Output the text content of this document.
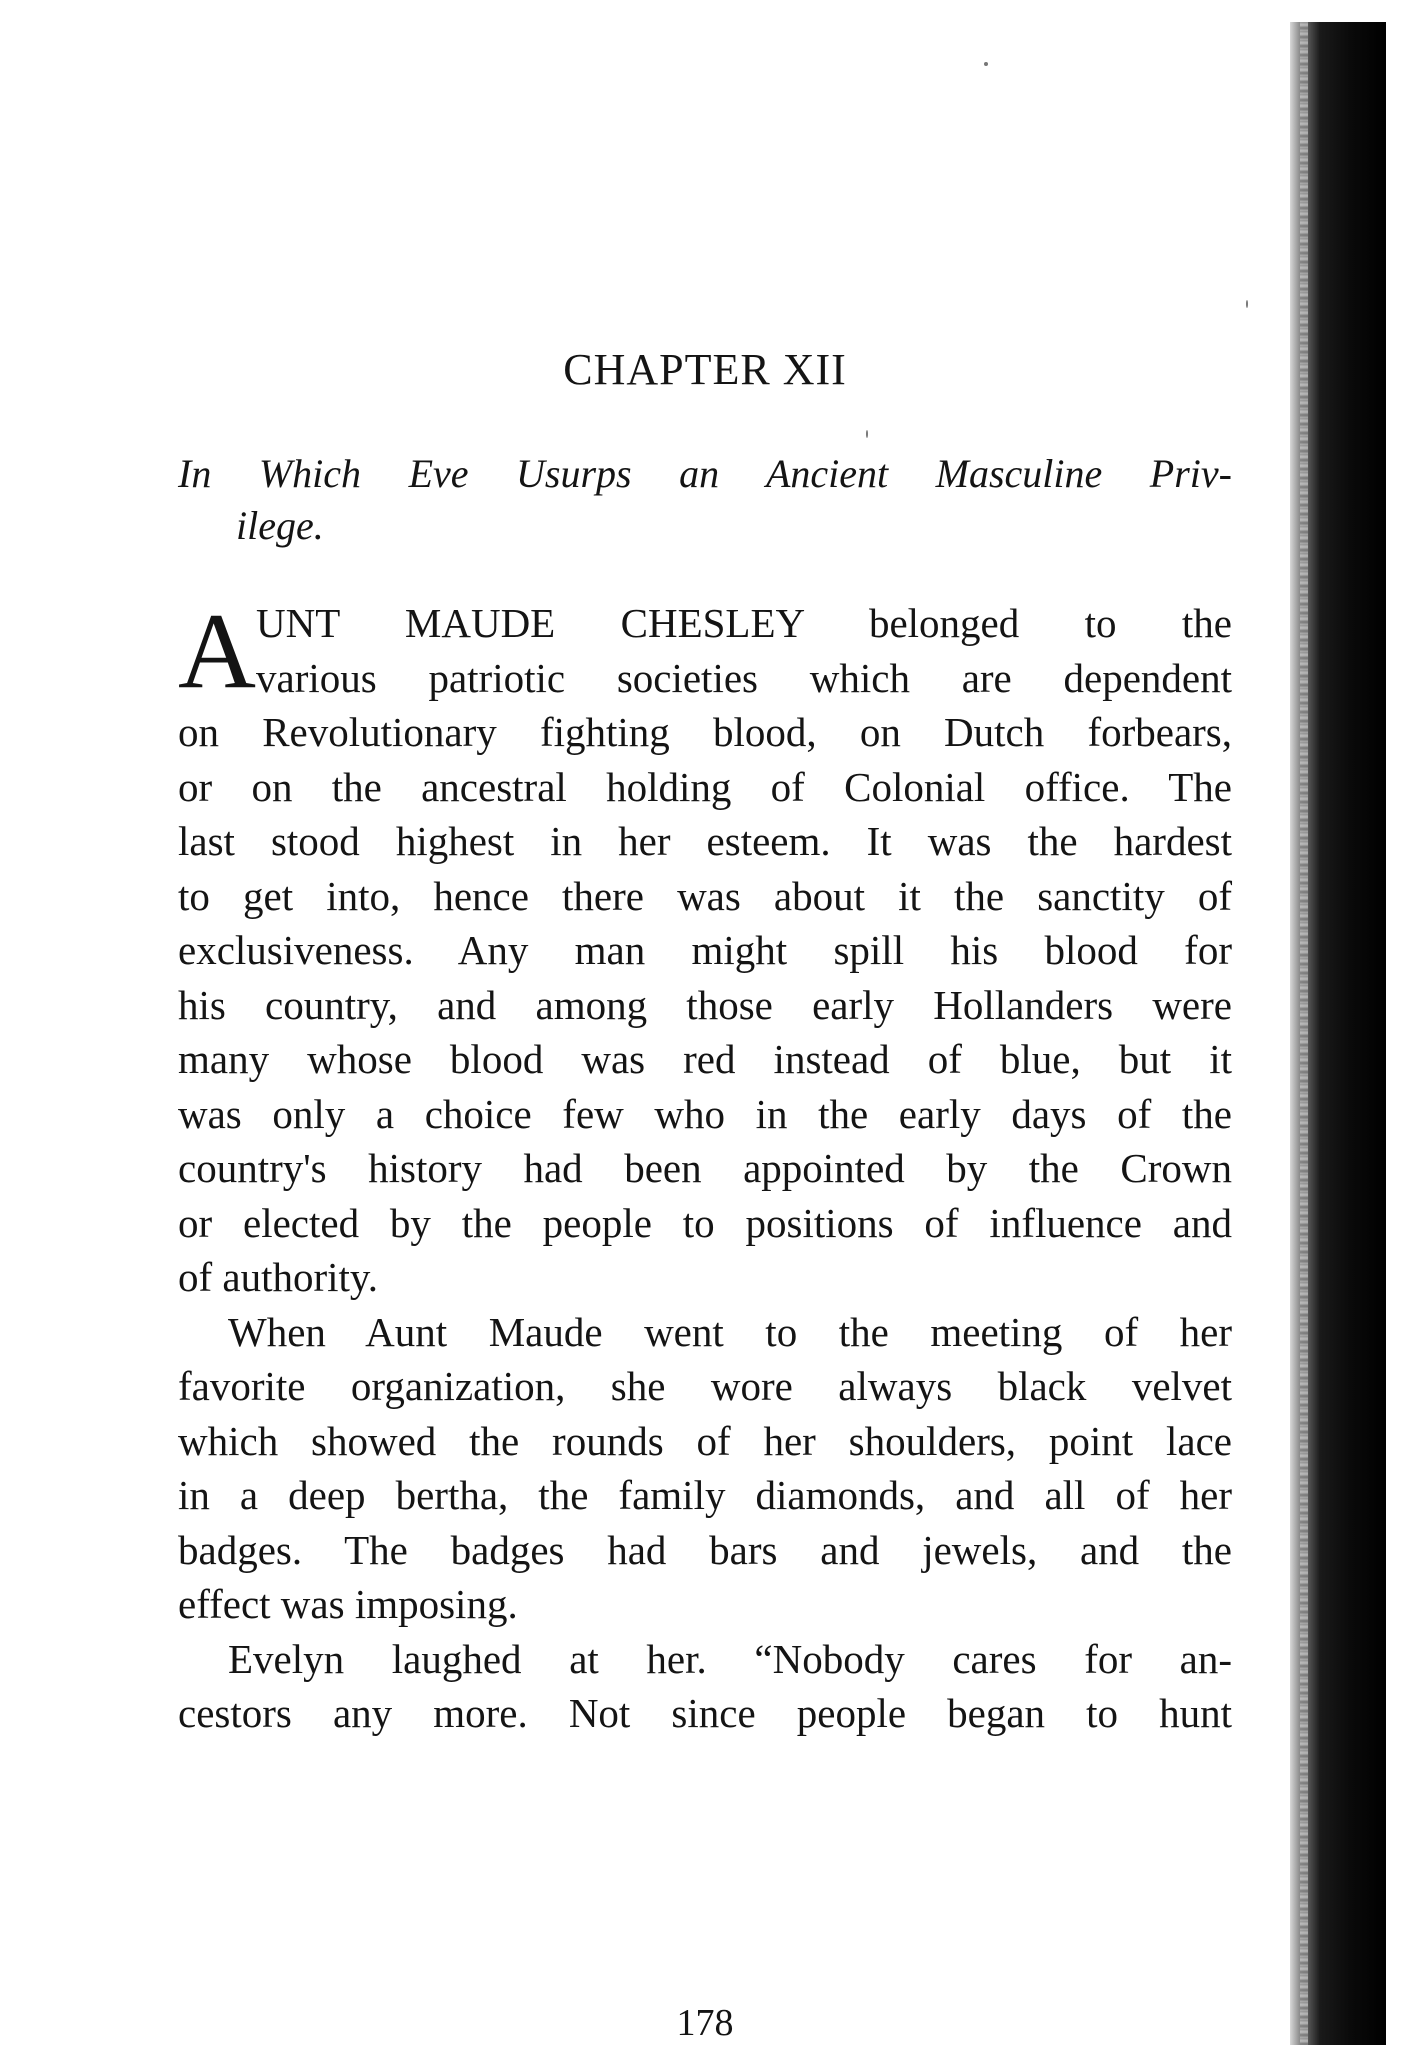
CHAPTER XII
In Which Eve Usurps an Ancient Masculine Priv-
ilege.
A UNT MAUDE CHESLEY belonged to the
various patriotic societies which are dependent
on Revolutionary fighting blood, on Dutch forbears,
or on the ancestral holding of Colonial office. The
last stood highest in her esteem. It was the hardest
to get into, hence there was about it the sanctity of
exclusiveness. Any man might spill his blood for
his country, and among those early Hollanders were
many whose blood was red instead of blue, but it
was only a choice few who in the early days of the
country's history had been appointed by the Crown
or elected by the people to positions of influence and
of authority.
When Aunt Maude went to the meeting of her
favorite organization, she wore always black velvet
which showed the rounds of her shoulders, point lace
in a deep bertha, the family diamonds, and all of her
badges. The badges had bars and jewels, and the
effect was imposing.
Evelyn laughed at her. “Nobody cares for an-
cestors any more. Not since people began to hunt
178
